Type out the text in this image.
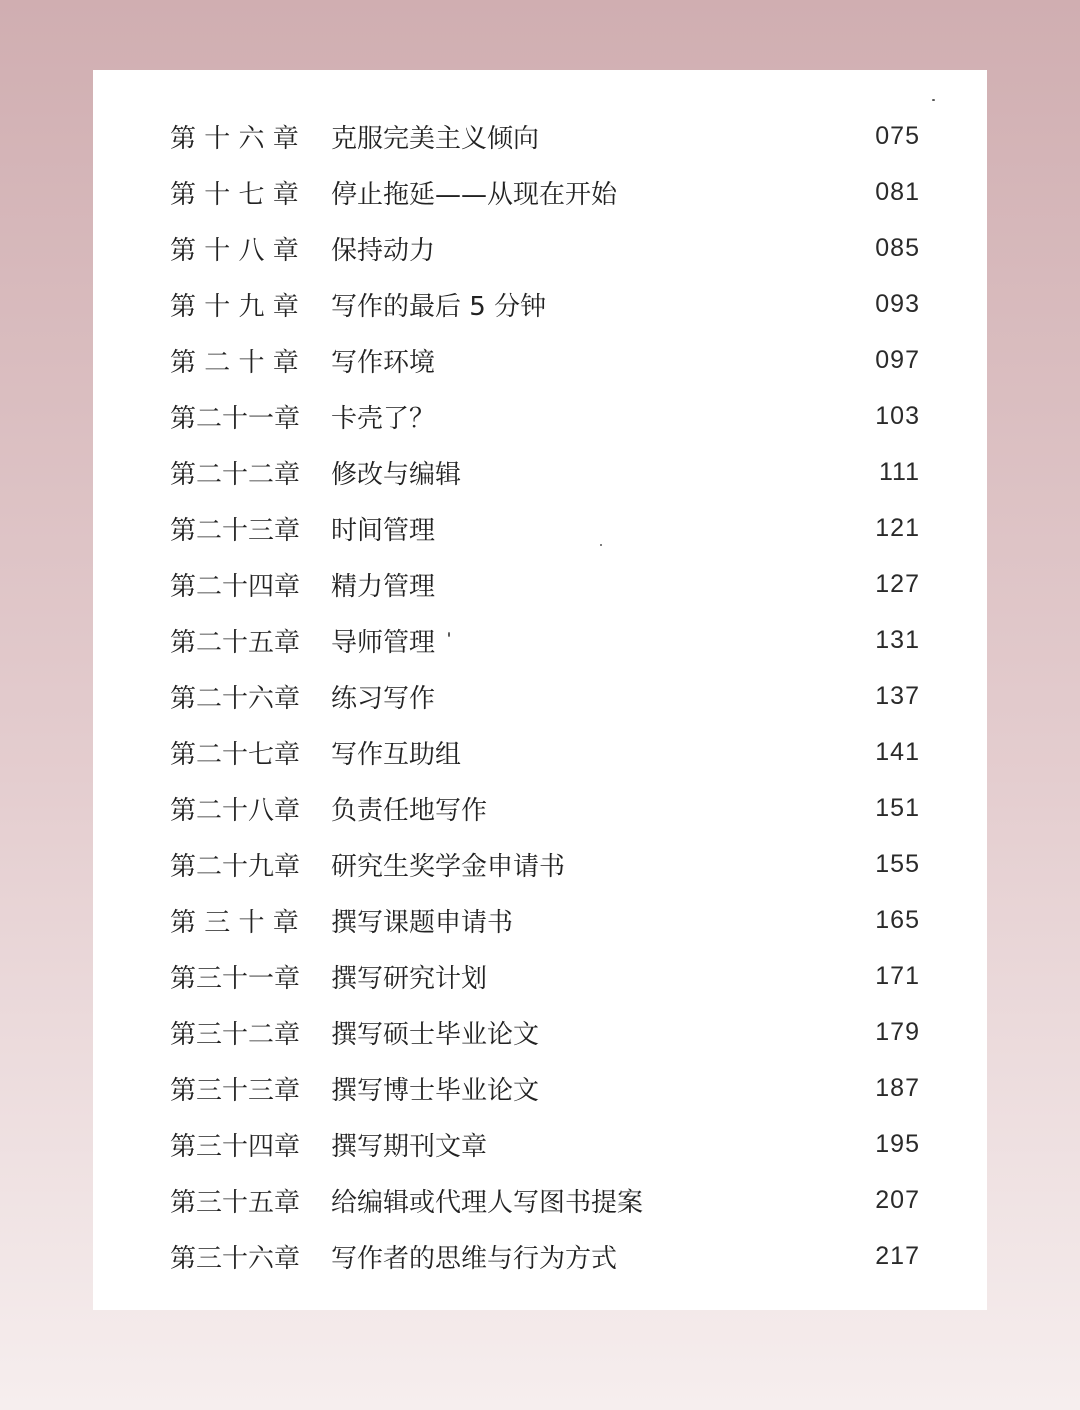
第 十 六 章 克服完美主义倾向	075
第 十 七 章 停止拖延——从现在开始	081
第 十 八 章 保持动力	085
第 十 九 章 写作的最后 5 分钟	093
第 二 十 章 写作环境	097
第二十一章 卡壳了？	103
第二十二章 修改与编辑	111
第二十三章 时间管理	121
第二十四章 精力管理	127
第二十五章 导师管理	131
第二十六章 练习写作	137
第二十七章 写作互助组	141
第二十八章 负责任地写作	151
第二十九章 研究生奖学金申请书	155
第 三 十 章 撰写课题申请书	165
第三十一章 撰写研究计划	171
第三十二章 撰写硕士毕业论文	179
第三十三章 撰写博士毕业论文	187
第三十四章 撰写期刊文章	195
第三十五章 给编辑或代理人写图书提案	207
第三十六章 写作者的思维与行为方式	217
